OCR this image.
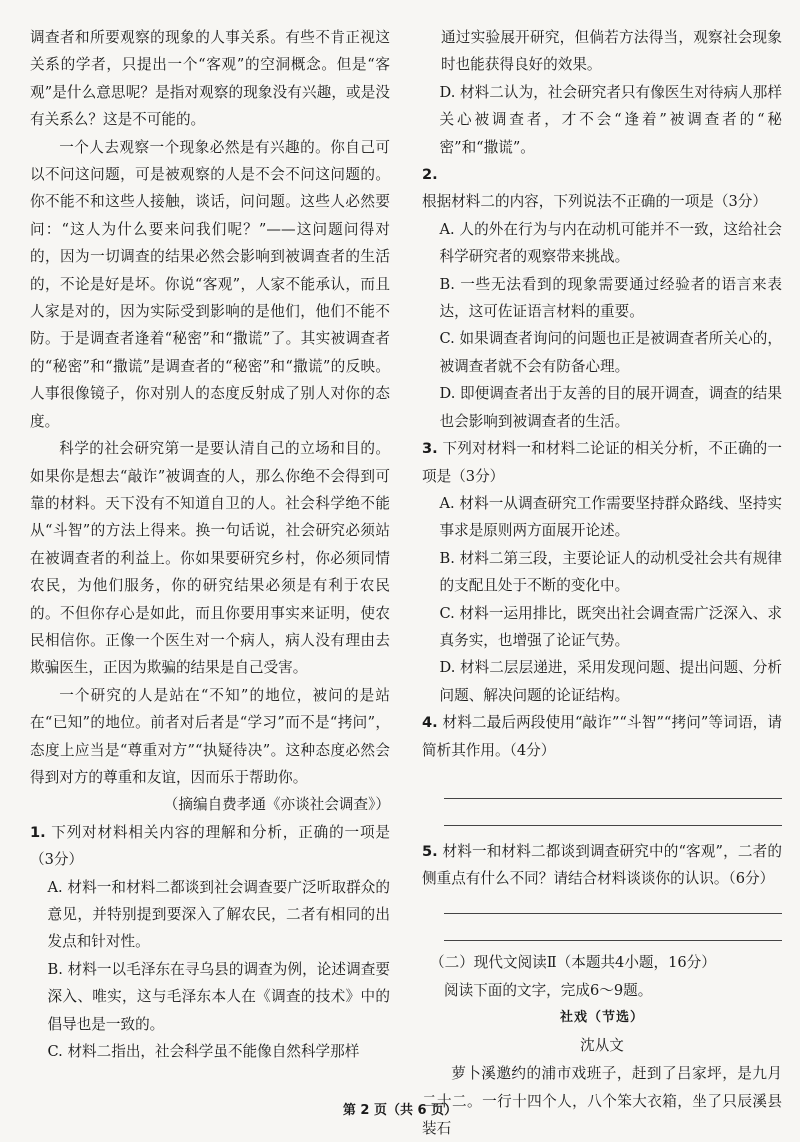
调查者和所要观察的现象的人事关系。有些不肯正视这关系的学者，只提出一个“客观”的空洞概念。但是“客观”是什么意思呢？是指对观察的现象没有兴趣，或是没有关系么？这是不可能的。

一个人去观察一个现象必然是有兴趣的。你自己可以不问这问题，可是被观察的人是不会不问这问题的。你不能不和这些人接触，谈话，问问题。这些人必然要问：“这人为什么要来问我们呢？”——这问题问得对的，因为一切调查的结果必然会影响到被调查者的生活的，不论是好是坏。你说“客观”，人家不能承认，而且人家是对的，因为实际受到影响的是他们，他们不能不防。于是调查者逢着“秘密”和“撒谎”了。其实被调查者的“秘密”和“撒谎”是调查者的“秘密”和“撒谎”的反映。人事很像镜子，你对别人的态度反射成了别人对你的态度。

科学的社会研究第一是要认清自己的立场和目的。如果你是想去“敲诈”被调查的人，那么你绝不会得到可靠的材料。天下没有不知道自卫的人。社会科学绝不能从“斗智”的方法上得来。换一句话说，社会研究必须站在被调查者的利益上。你如果要研究乡村，你必须同情农民，为他们服务，你的研究结果必须是有利于农民的。不但你存心是如此，而且你要用事实来证明，使农民相信你。正像一个医生对一个病人，病人没有理由去欺骗医生，正因为欺骗的结果是自己受害。

一个研究的人是站在“不知”的地位，被问的是站在“已知”的地位。前者对后者是“学习”而不是“拷问”，态度上应当是“尊重对方”“执疑待决”。这种态度必然会得到对方的尊重和友谊，因而乐于帮助你。

（摘编自费孝通《亦谈社会调查》）

1. 下列对材料相关内容的理解和分析，正确的一项是（3分）

A. 材料一和材料二都谈到社会调查要广泛听取群众的意见，并特别提到要深入了解农民，二者有相同的出发点和针对性。

B. 材料一以毛泽东在寻乌县的调查为例，论述调查要深入、唯实，这与毛泽东本人在《调查的技术》中的倡导也是一致的。

C. 材料二指出，社会科学虽不能像自然科学那样

通过实验展开研究，但倘若方法得当，观察社会现象时也能获得良好的效果。

D. 材料二认为，社会研究者只有像医生对待病人那样关心被调查者，才不会“逢着”被调查者的“秘密”和“撒谎”。

2. 根据材料二的内容，下列说法不正确的一项是（3分）

A. 人的外在行为与内在动机可能并不一致，这给社会科学研究者的观察带来挑战。

B. 一些无法看到的现象需要通过经验者的语言来表达，这可佐证语言材料的重要。

C. 如果调查者询问的问题也正是被调查者所关心的，被调查者就不会有防备心理。

D. 即便调查者出于友善的目的展开调查，调查的结果也会影响到被调查者的生活。

3. 下列对材料一和材料二论证的相关分析，不正确的一项是（3分）

A. 材料一从调查研究工作需要坚持群众路线、坚持实事求是原则两方面展开论述。

B. 材料二第三段，主要论证人的动机受社会共有规律的支配且处于不断的变化中。

C. 材料一运用排比，既突出社会调查需广泛深入、求真务实，也增强了论证气势。

D. 材料二层层递进，采用发现问题、提出问题、分析问题、解决问题的论证结构。

4. 材料二最后两段使用“敲诈”“斗智”“拷问”等词语，请简析其作用。（4分）

5. 材料一和材料二都谈到调查研究中的“客观”，二者的侧重点有什么不同？请结合材料谈谈你的认识。（6分）

（二）现代文阅读Ⅱ（本题共4小题，16分）

阅读下面的文字，完成6～9题。

社戏（节选）
沈从文

萝卜溪邀约的浦市戏班子，赶到了吕家坪，是九月二十二。一行十四个人，八个笨大衣箱，坐了只辰溪县装石

第 2 页（共 6 页）
